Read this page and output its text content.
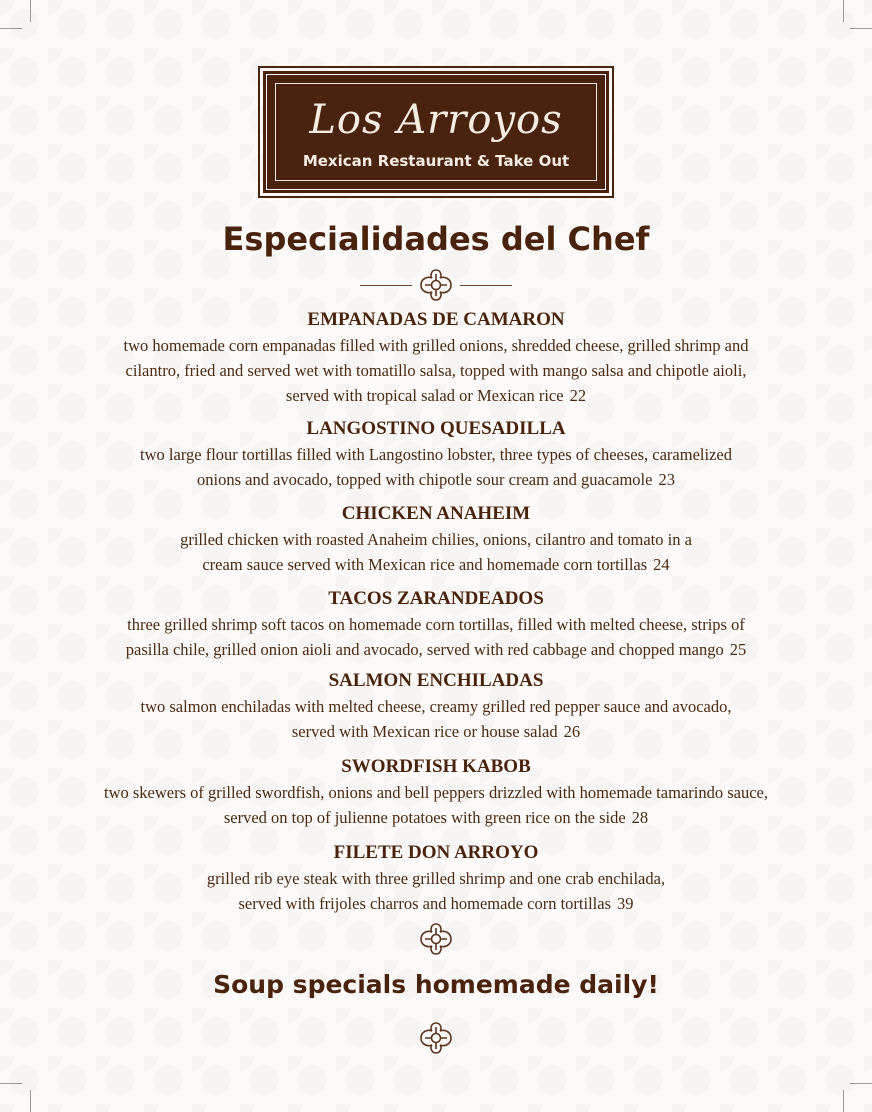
Los Arroyos
Mexican Restaurant & Take Out
Especialidades del Chef
EMPANADAS DE CAMARON
two homemade corn empanadas filled with grilled onions, shredded cheese, grilled shrimp and
cilantro, fried and served wet with tomatillo salsa, topped with mango salsa and chipotle aioli,
served with tropical salad or Mexican rice 22
LANGOSTINO QUESADILLA
two large flour tortillas filled with Langostino lobster, three types of cheeses, caramelized
onions and avocado, topped with chipotle sour cream and guacamole 23
CHICKEN ANAHEIM
grilled chicken with roasted Anaheim chilies, onions, cilantro and tomato in a
cream sauce served with Mexican rice and homemade corn tortillas 24
TACOS ZARANDEADOS
three grilled shrimp soft tacos on homemade corn tortillas, filled with melted cheese, strips of
pasilla chile, grilled onion aioli and avocado, served with red cabbage and chopped mango 25
SALMON ENCHILADAS
two salmon enchiladas with melted cheese, creamy grilled red pepper sauce and avocado,
served with Mexican rice or house salad 26
SWORDFISH KABOB
two skewers of grilled swordfish, onions and bell peppers drizzled with homemade tamarindo sauce,
served on top of julienne potatoes with green rice on the side 28
FILETE DON ARROYO
grilled rib eye steak with three grilled shrimp and one crab enchilada,
served with frijoles charros and homemade corn tortillas 39
Soup specials homemade daily!
